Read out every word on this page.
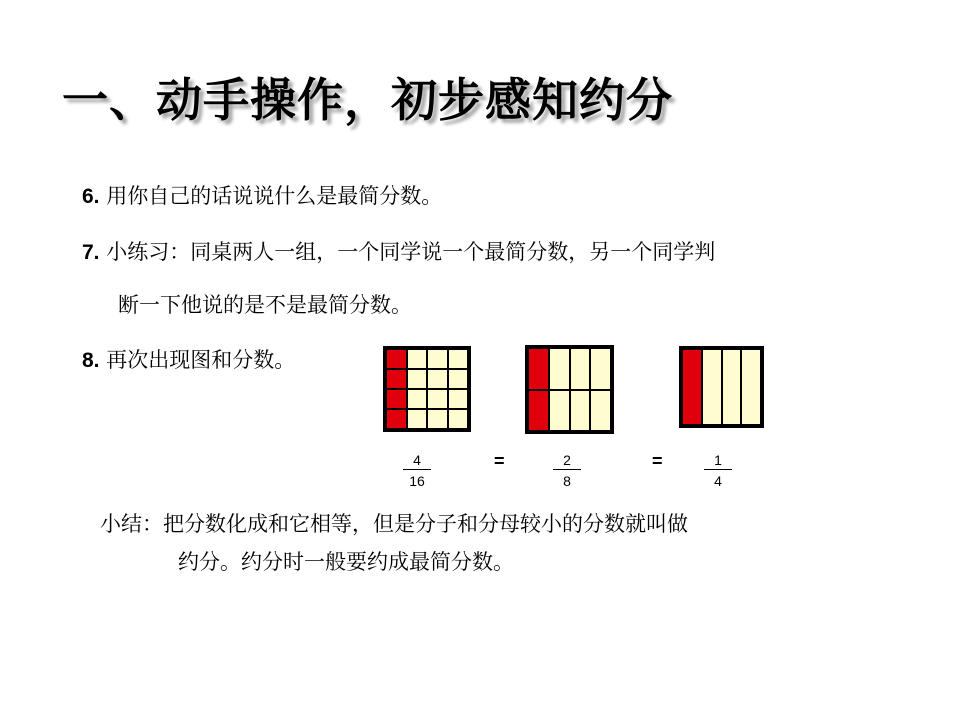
一、动手操作，初步感知约分
6. 用你自己的话说说什么是最简分数。
7. 小练习：同桌两人一组，一个同学说一个最简分数，另一个同学判
断一下他说的是不是最简分数。
8. 再次出现图和分数。
4
16
=	2
8
=	1
4
小结：把分数化成和它相等，但是分子和分母较小的分数就叫做
约分。约分时一般要约成最简分数。
